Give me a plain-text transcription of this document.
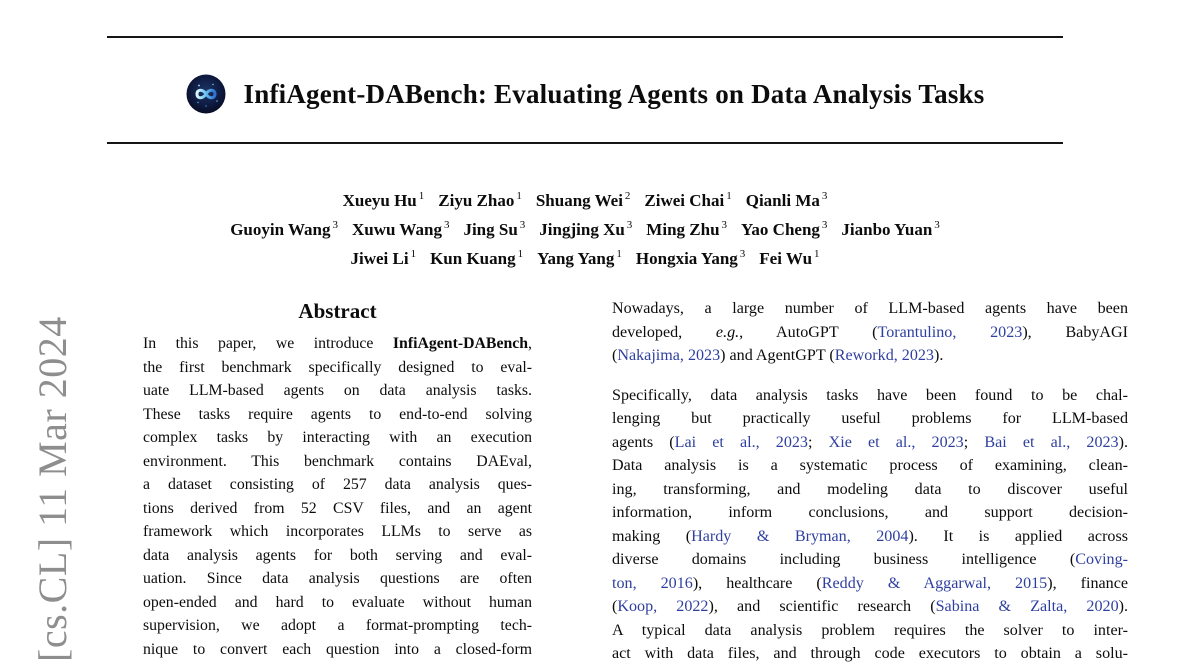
[cs.CL] 11 Mar 2024
InfiAgent-DABench: Evaluating Agents on Data Analysis Tasks
Xueyu Hu $^1$ Ziyu Zhao $^1$ Shuang Wei $^2$ Ziwei Chai $^1$ Qianli Ma $^3$
Guoyin Wang $^3$ Xuwu Wang $^3$ Jing Su $^3$ Jingjing Xu $^3$ Ming Zhu $^3$ Yao Cheng $^3$ Jianbo Yuan $^3$
Jiwei Li $^1$ Kun Kuang $^1$ Yang Yang $^1$ Hongxia Yang $^3$ Fei Wu $^1$
Abstract
In this paper, we introduce InfiAgent-DABench,
the first benchmark specifically designed to eval-
uate LLM-based agents on data analysis tasks.
These tasks require agents to end-to-end solving
complex tasks by interacting with an execution
environment. This benchmark contains DAEval,
a dataset consisting of 257 data analysis ques-
tions derived from 52 CSV files, and an agent
framework which incorporates LLMs to serve as
data analysis agents for both serving and eval-
uation. Since data analysis questions are often
open-ended and hard to evaluate without human
supervision, we adopt a format-prompting tech-
nique to convert each question into a closed-form
Nowadays, a large number of LLM-based agents have been
developed, e.g., AutoGPT (Torantulino, 2023), BabyAGI
(Nakajima, 2023) and AgentGPT (Reworkd, 2023).
Specifically, data analysis tasks have been found to be chal-
lenging but practically useful problems for LLM-based
agents (Lai et al., 2023; Xie et al., 2023; Bai et al., 2023).
Data analysis is a systematic process of examining, clean-
ing, transforming, and modeling data to discover useful
information, inform conclusions, and support decision-
making (Hardy & Bryman, 2004). It is applied across
diverse domains including business intelligence (Coving-
ton, 2016), healthcare (Reddy & Aggarwal, 2015), finance
(Koop, 2022), and scientific research (Sabina & Zalta, 2020).
A typical data analysis problem requires the solver to inter-
act with data files, and through code executors to obtain a solu-
